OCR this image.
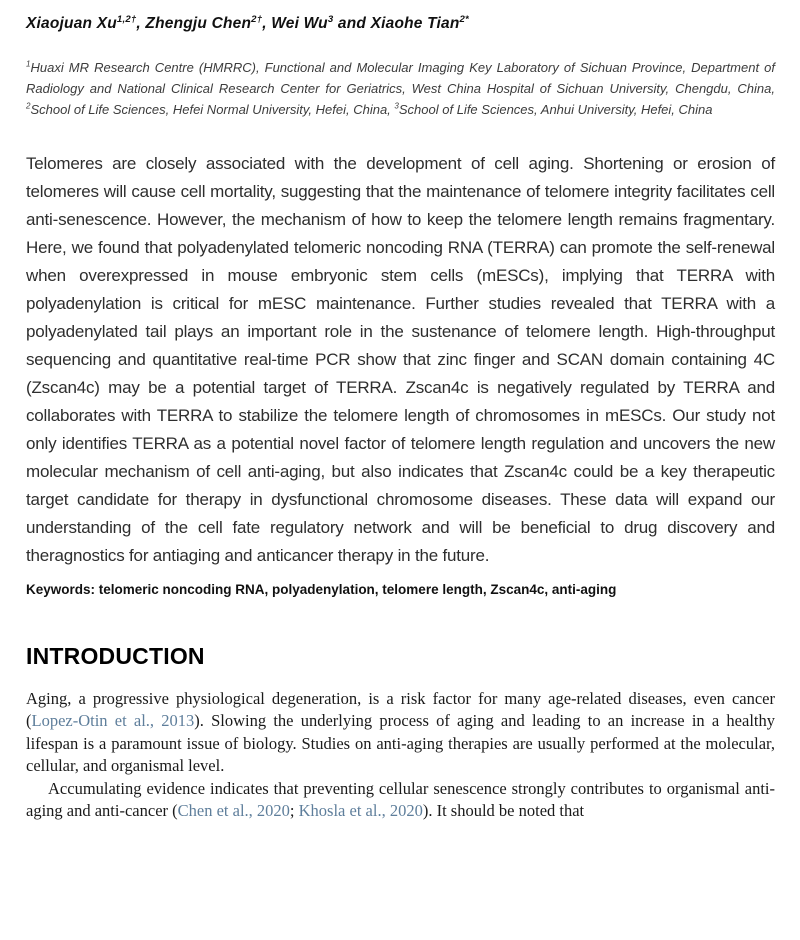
Xiaojuan $Xu^{1,2\dagger}$, Zhengju Chen$^{2\dagger}$, Wei Wu$^3$ and Xiaohe Tian$^{2*}$

$^1$Huaxi MR Research Centre (HMRRC), Functional and Molecular Imaging Key Laboratory of Sichuan Province, Department of Radiology and National Clinical Research Center for Geriatrics, West China Hospital of Sichuan University, Chengdu, China, $^2$School of Life Sciences, Hefei Normal University, Hefei, China, $^3$School of Life Sciences, Anhui University, Hefei, China

Telomeres are closely associated with the development of cell aging. Shortening or erosion of telomeres will cause cell mortality, suggesting that the maintenance of telomere integrity facilitates cell anti-senescence. However, the mechanism of how to keep the telomere length remains fragmentary. Here, we found that polyadenylated telomeric noncoding RNA (TERRA) can promote the self-renewal when overexpressed in mouse embryonic stem cells (mESCs), implying that TERRA with polyadenylation is critical for mESC maintenance. Further studies revealed that TERRA with a polyadenylated tail plays an important role in the sustenance of telomere length. High-throughput sequencing and quantitative real-time PCR show that zinc finger and SCAN domain containing 4C (Zscan4c) may be a potential target of TERRA. Zscan4c is negatively regulated by TERRA and collaborates with TERRA to stabilize the telomere length of chromosomes in mESCs. Our study not only identifies TERRA as a potential novel factor of telomere length regulation and uncovers the new molecular mechanism of cell anti-aging, but also indicates that Zscan4c could be a key therapeutic target candidate for therapy in dysfunctional chromosome diseases. These data will expand our understanding of the cell fate regulatory network and will be beneficial to drug discovery and theragnostics for antiaging and anticancer therapy in the future.

Keywords: telomeric noncoding RNA, polyadenylation, telomere length, Zscan4c, anti-aging

INTRODUCTION

Aging, a progressive physiological degeneration, is a risk factor for many age-related diseases, even cancer (Lopez-Otin et al., 2013). Slowing the underlying process of aging and leading to an increase in a healthy lifespan is a paramount issue of biology. Studies on anti-aging therapies are usually performed at the molecular, cellular, and organismal level.

Accumulating evidence indicates that preventing cellular senescence strongly contributes to organismal anti-aging and anti-cancer (Chen et al., 2020; Khosla et al., 2020). It should be noted that
